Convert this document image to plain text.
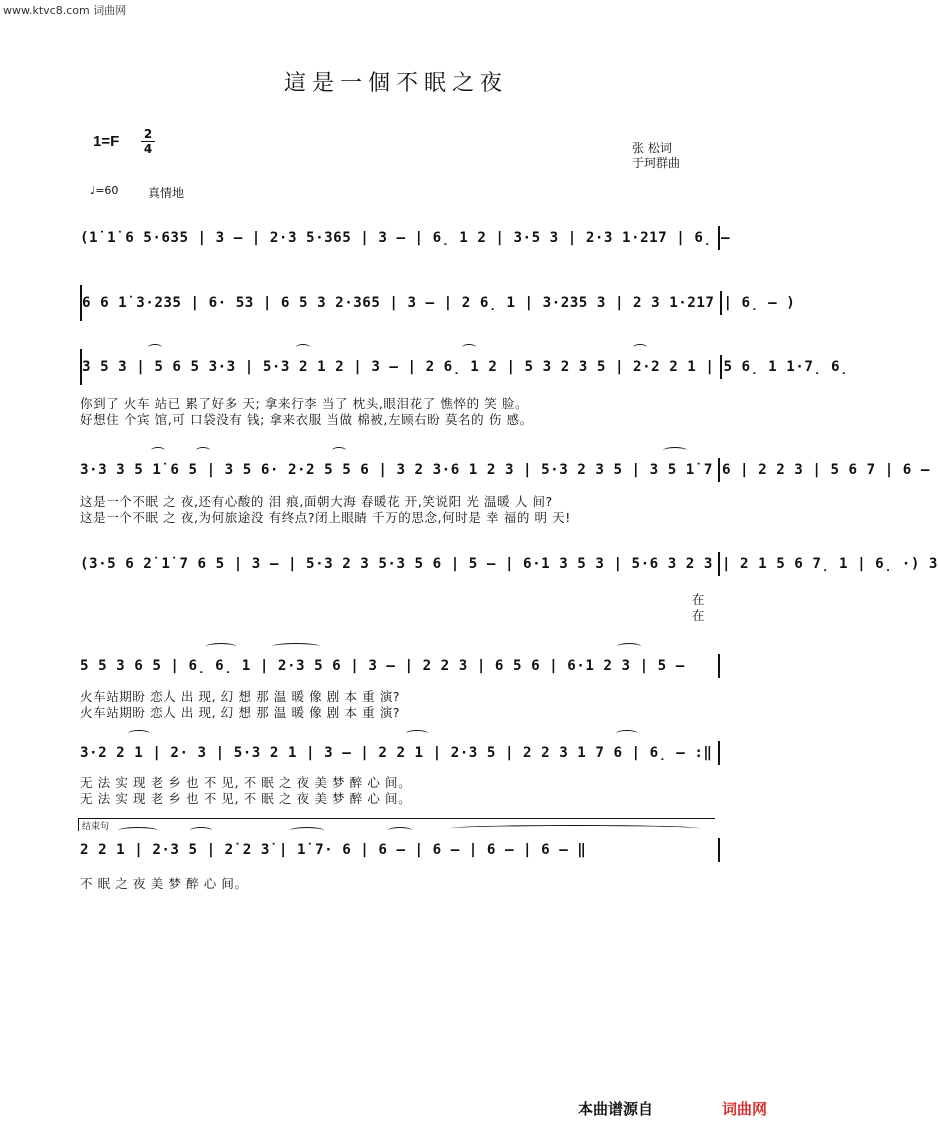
www.ktvc8.com 词曲网
這是一個不眠之夜
1=F 2
4	张 松词
于珂群曲
♩=60 真情地
(1̇ 1̇ 6 5·635 | 3 – | 2·3 5·365 | 3 – | 6̣ 1 2 | 3·5 3 | 2·3 1·217 | 6̣ –
6 6 1̇ 3·235 | 6· 53 | 6 5 3 2·365 | 3 – | 2 6̣ 1 | 3·235 3 | 2 3 1·217 | 6̣ – )
3 5 3 | 5 6 5 3·3 | 5·3 2 1 2 | 3 – | 2 6̣ 1 2 | 5 3 2 3 5 | 2·2 2 1 | 5 6̣ 1 1·7̣ 6̣
你到了 火车 站已 累了好多 天; 拿来行李 当了 枕头,眼泪花了 憔悴的 笑 脸。
好想住 个宾 馆,可 口袋没有 钱; 拿来衣服 当做 棉被,左顾右盼 莫名的 伤 感。
3·3 3 5 1̇ 6 5 | 3 5 6· 2·2 5 5 6 | 3 2 3·6 1 2 3 | 5·3 2 3 5 | 3 5 1̇ 7 6 | 2 2 3 | 5 6 7 | 6 –
这是一个不眠 之 夜,还有心酸的 泪 痕,面朝大海 春暖花 开,笑说阳 光 温暖 人 间?
这是一个不眠 之 夜,为何旅途没 有终点?闭上眼睛 千万的思念,何时是 幸 福的 明 天!
(3·5 6 2̇ 1̇ 7 6 5 | 3 – | 5·3 2 3 5·3 5 6 | 5 – | 6·1 3 5 3 | 5·6 3 2 3 | 2 1 5 6 7̣ 1 | 6̣ ·) 3
在
在
5 5 3 6 5 | 6̣ 6̣ 1 | 2·3 5 6 | 3 – | 2 2 3 | 6 5 6 | 6·1 2 3 | 5 –
火车站期盼 恋人 出 现, 幻 想 那 温 暖 像 剧 本 重 演?
火车站期盼 恋人 出 现, 幻 想 那 温 暖 像 剧 本 重 演?
3·2 2 1 | 2· 3 | 5·3 2 1 | 3 – | 2 2 1 | 2·3 5 | 2 2 3 1 7 6 | 6̣ – :‖
无 法 实 现 老 乡 也 不 见, 不 眠 之 夜 美 梦 醉 心 间。
无 法 实 现 老 乡 也 不 见, 不 眠 之 夜 美 梦 醉 心 间。
结束句
2 2 1 | 2·3 5 | 2̇ 2 3̇ | 1̇ 7· 6 | 6 – | 6 – | 6 – | 6 – ‖
不 眠 之 夜 美 梦 醉 心 间。
本曲谱源自	词曲网
